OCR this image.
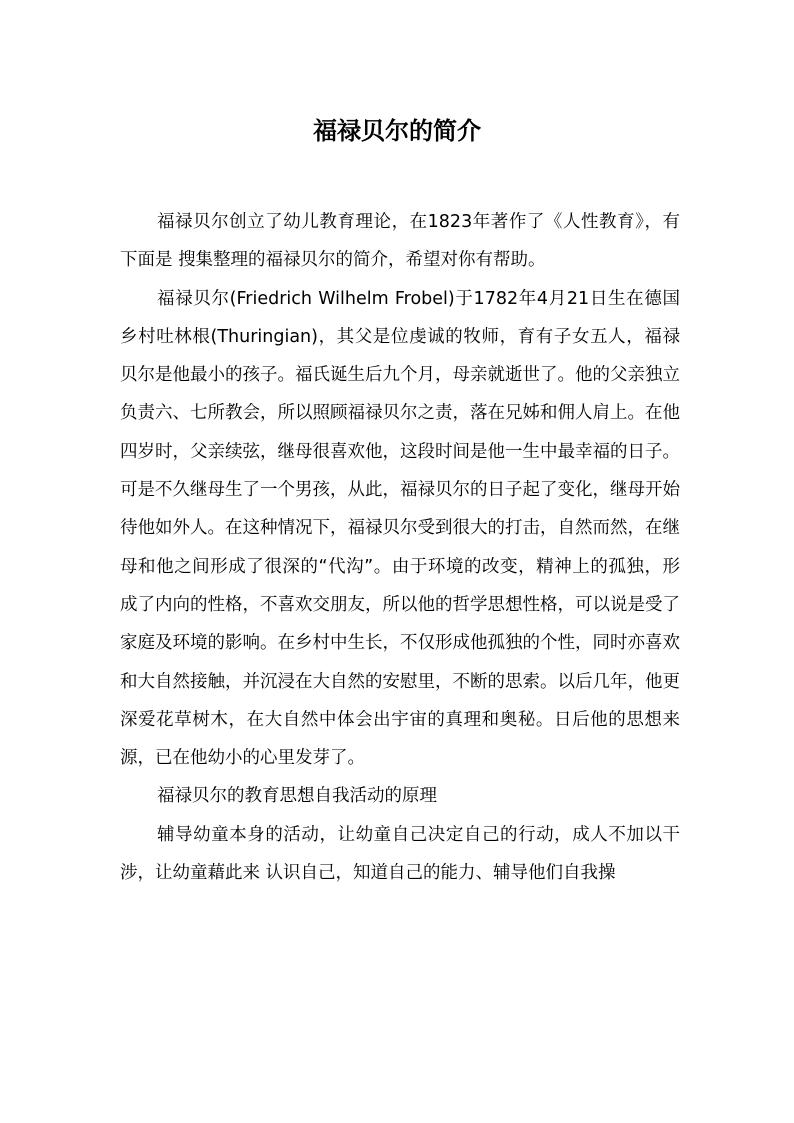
福禄贝尔的简介

福禄贝尔创立了幼儿教育理论，在1823年著作了《人性教育》，有下面是 搜集整理的福禄贝尔的简介，希望对你有帮助。

福禄贝尔(Friedrich Wilhelm Frobel)于1782年4月21日生在德国乡村吐林根(Thuringian)，其父是位虔诚的牧师，育有子女五人，福禄贝尔是他最小的孩子。福氏诞生后九个月，母亲就逝世了。他的父亲独立负责六、七所教会，所以照顾福禄贝尔之责，落在兄姊和佣人肩上。在他四岁时，父亲续弦，继母很喜欢他，这段时间是他一生中最幸福的日子。可是不久继母生了一个男孩，从此，福禄贝尔的日子起了变化，继母开始待他如外人。在这种情况下，福禄贝尔受到很大的打击，自然而然，在继母和他之间形成了很深的“代沟”。由于环境的改变，精神上的孤独，形成了内向的性格，不喜欢交朋友，所以他的哲学思想性格，可以说是受了家庭及环境的影响。在乡村中生长，不仅形成他孤独的个性，同时亦喜欢和大自然接触，并沉浸在大自然的安慰里，不断的思索。以后几年，他更深爱花草树木，在大自然中体会出宇宙的真理和奥秘。日后他的思想来源，已在他幼小的心里发芽了。

福禄贝尔的教育思想自我活动的原理

辅导幼童本身的活动，让幼童自己决定自己的行动，成人不加以干涉，让幼童藉此来 认识自己，知道自己的能力、辅导他们自我操
